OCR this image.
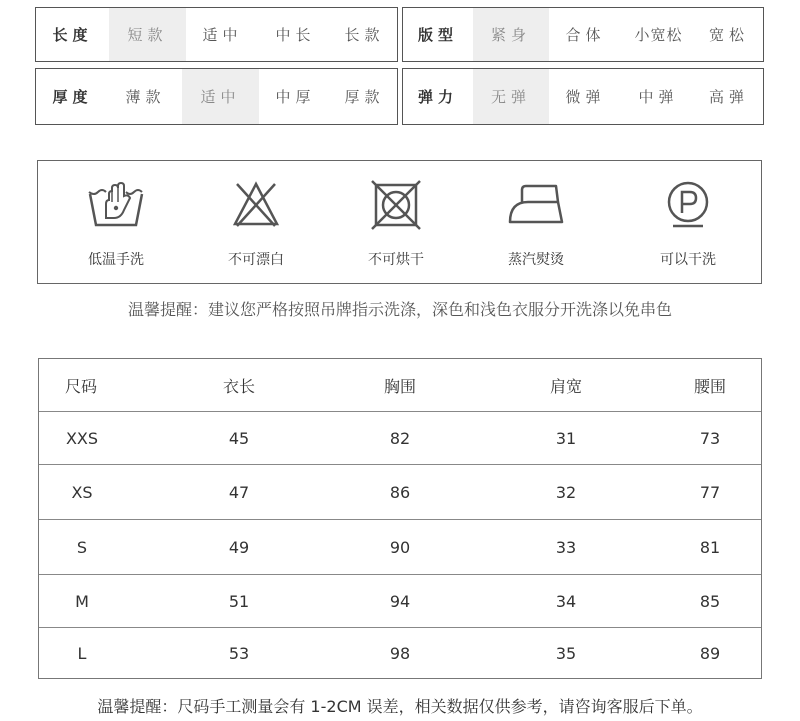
长度	短款	适中	中长	长款	版型	紧身	合体	小宽松	宽松
厚度	薄款	适中	中厚	厚款	弹力	无弹	微弹	中弹	高弹
低温手洗	不可漂白	不可烘干	蒸汽熨烫	可以干洗
温馨提醒：建议您严格按照吊牌指示洗涤，深色和浅色衣服分开洗涤以免串色
尺码	衣长	胸围	肩宽	腰围
XXS	45	82	31	73
XS	47	86	32	77
S	49	90	33	81
M	51	94	34	85
L	53	98	35	89
温馨提醒：尺码手工测量会有 1-2CM 误差，相关数据仅供参考，请咨询客服后下单。
